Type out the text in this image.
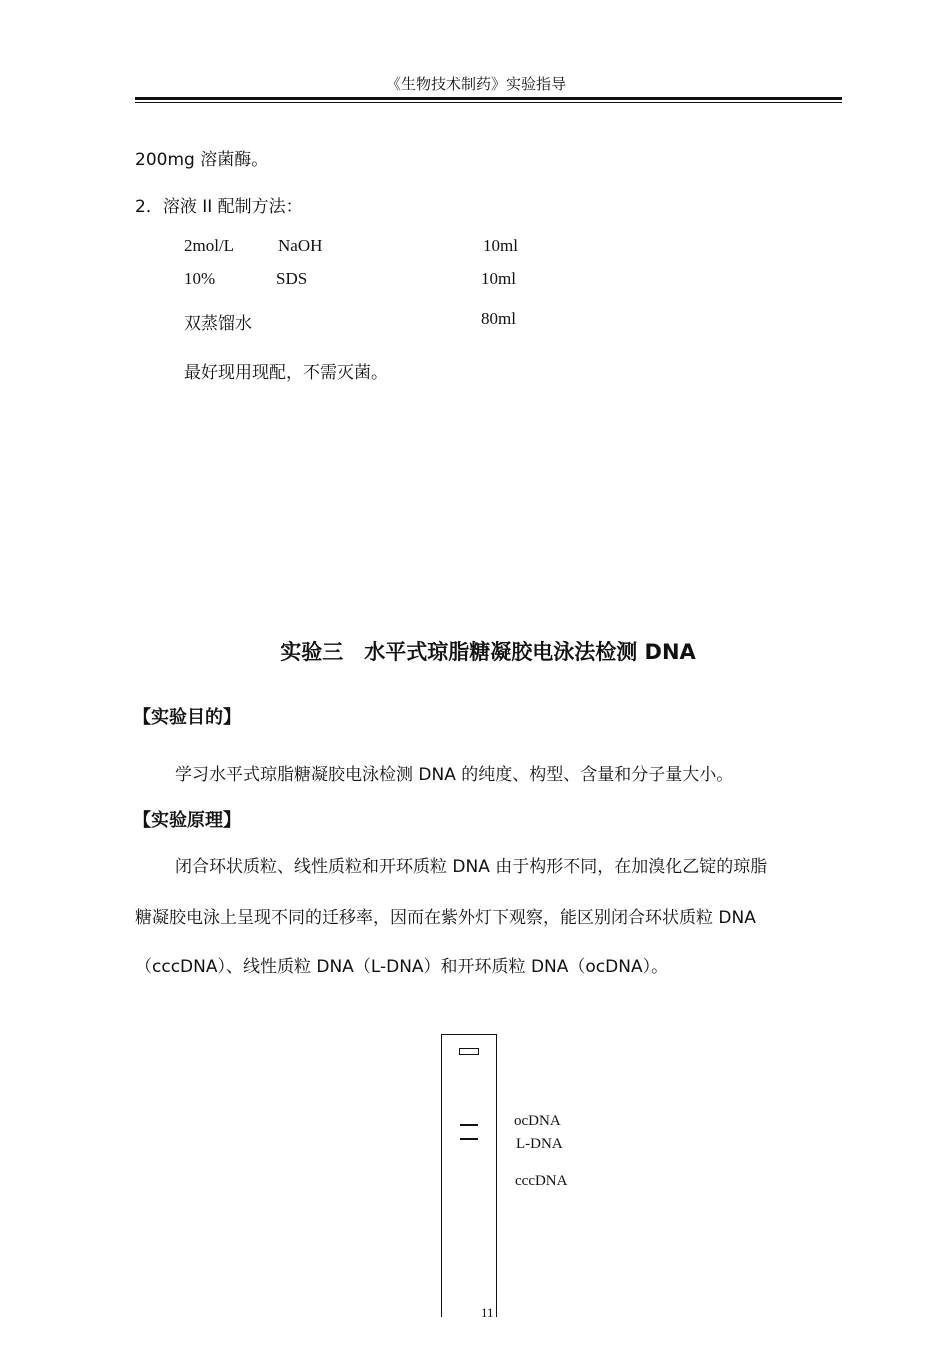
《生物技术制药》实验指导
200mg 溶菌酶。
2．溶液 II 配制方法：
2mol/L	NaOH	10ml
10%	SDS	10ml
双蒸馏水	80ml
最好现用现配，不需灭菌。
实验三　水平式琼脂糖凝胶电泳法检测 DNA
【实验目的】
学习水平式琼脂糖凝胶电泳检测 DNA 的纯度、构型、含量和分子量大小。
【实验原理】
闭合环状质粒、线性质粒和开环质粒 DNA 由于构形不同，在加溴化乙锭的琼脂
糖凝胶电泳上呈现不同的迁移率，因而在紫外灯下观察，能区别闭合环状质粒 DNA
（cccDNA）、线性质粒 DNA（L-DNA）和开环质粒 DNA（ocDNA）。
ocDNA
L-DNA
cccDNA
11
